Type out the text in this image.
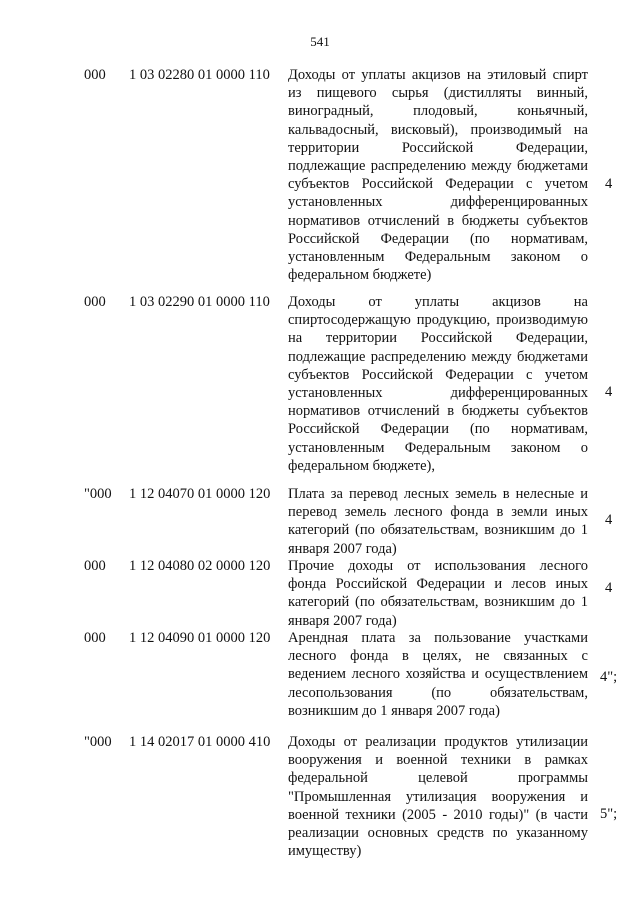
541
000 1 03 02280 01 0000 110 Доходы от уплаты акцизов на этиловый спирт из пищевого сырья (дистилляты винный, виноградный, плодовый, коньячный, кальвадосный, висковый), производимый на территории Российской Федерации, подлежащие распределению между бюджетами субъектов Российской Федерации с учетом установленных дифференцированных нормативов отчислений в бюджеты субъектов Российской Федерации (по нормативам, установленным Федеральным законом о федеральном бюджете)
4
000 1 03 02290 01 0000 110 Доходы от уплаты акцизов на спиртосодержащую продукцию, производимую на территории Российской Федерации, подлежащие распределению между бюджетами субъектов Российской Федерации с учетом установленных дифференцированных нормативов отчислений в бюджеты субъектов Российской Федерации (по нормативам, установленным Федеральным законом о федеральном бюджете),
4
"000 1 12 04070 01 0000 120 Плата за перевод лесных земель в нелесные и перевод земель лесного фонда в земли иных категорий (по обязательствам, возникшим до 1 января 2007 года)
4
000 1 12 04080 02 0000 120 Прочие доходы от использования лесного фонда Российской Федерации и лесов иных категорий (по обязательствам, возникшим до 1 января 2007 года)
4
000 1 12 04090 01 0000 120 Арендная плата за пользование участками лесного фонда в целях, не связанных с ведением лесного хозяйства и осуществлением лесопользования (по обязательствам, возникшим до 1 января 2007 года)
4";
"000 1 14 02017 01 0000 410 Доходы от реализации продуктов утилизации вооружения и военной техники в рамках федеральной целевой программы "Промышленная утилизация вооружения и военной техники (2005 - 2010 годы)" (в части реализации основных средств по указанному имуществу)
5";
